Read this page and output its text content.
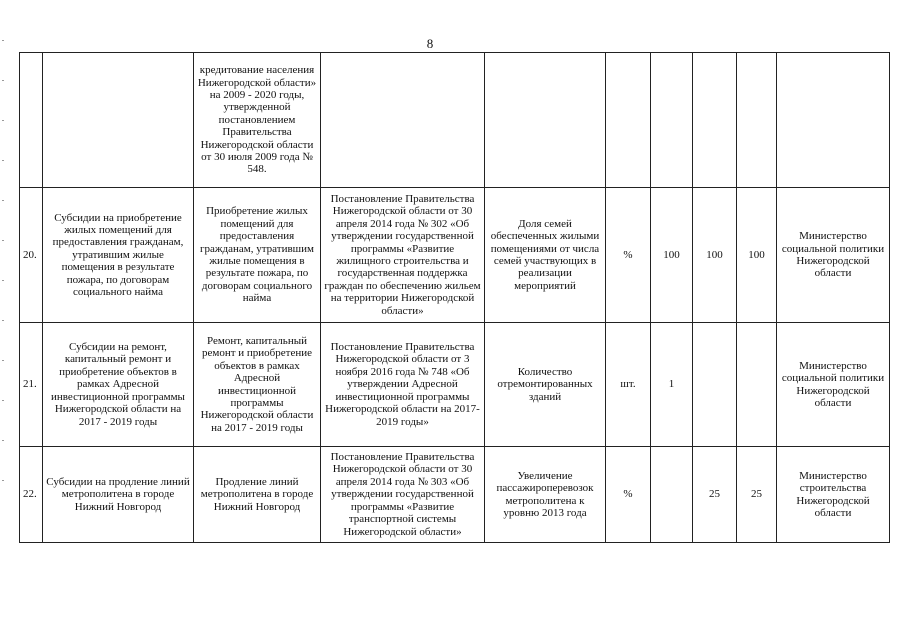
8
		кредитование населения Нижегородской области» на 2009 - 2020 годы, утвержденной постановлением Правительства Нижегородской области от 30 июля 2009 года № 548.							
20.	Субсидии на приобретение жилых помещений для предоставления гражданам, утратившим жилые помещения в результате пожара, по договорам социального найма	Приобретение жилых помещений для предоставления гражданам, утратившим жилые помещения в результате пожара, по договорам социального найма	Постановление Правительства Нижегородской области от 30 апреля 2014 года № 302 «Об утверждении государственной программы «Развитие жилищного строительства и государственная поддержка граждан по обеспечению жильем на территории Нижегородской области»	Доля семей обеспеченных жилыми помещениями от числа семей участвующих в реализации мероприятий	%	100	100	100	Министерство социальной политики Нижегородской области
21.	Субсидии на ремонт, капитальный ремонт и приобретение объектов в рамках Адресной инвестиционной программы Нижегородской области на 2017 - 2019 годы	Ремонт, капитальный ремонт и приобретение объектов в рамках Адресной инвестиционной программы Нижегородской области на 2017 - 2019 годы	Постановление Правительства Нижегородской области от 3 ноября 2016 года № 748 «Об утверждении Адресной инвестиционной программы Нижегородской области на 2017-2019 годы»	Количество отремонтированных зданий	шт.	1			Министерство социальной политики Нижегородской области
22.	Субсидии на продление линий метрополитена в городе Нижний Новгород	Продление линий метрополитена в городе Нижний Новгород	Постановление Правительства Нижегородской области от 30 апреля 2014 года № 303 «Об утверждении государственной программы «Развитие транспортной системы Нижегородской области»	Увеличение пассажироперевозок метрополитена к уровню 2013 года	%		25	25	Министерство строительства Нижегородской области
